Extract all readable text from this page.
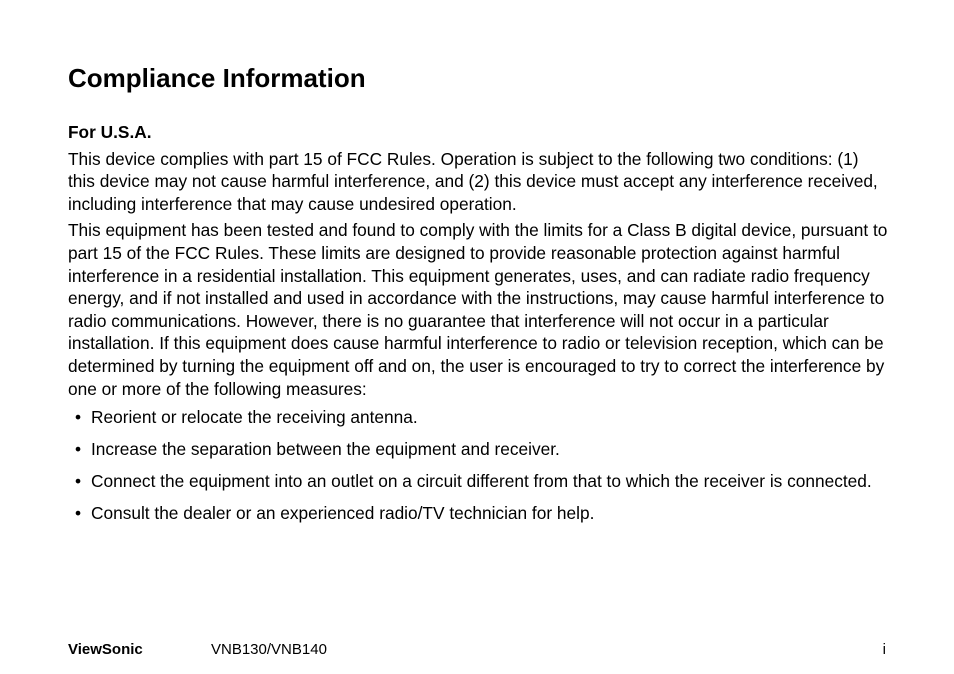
Compliance Information
For U.S.A.

This device complies with part 15 of FCC Rules. Operation is subject to the following two conditions: (1) this device may not cause harmful interference, and (2) this device must accept any interference received, including interference that may cause undesired operation.

This equipment has been tested and found to comply with the limits for a Class B digital device, pursuant to part 15 of the FCC Rules. These limits are designed to provide reasonable protection against harmful interference in a residential installation. This equipment generates, uses, and can radiate radio frequency energy, and if not installed and used in accordance with the instructions, may cause harmful interference to radio communications. However, there is no guarantee that interference will not occur in a particular installation. If this equipment does cause harmful interference to radio or television reception, which can be determined by turning the equipment off and on, the user is encouraged to try to correct the interference by one or more of the following measures:

• Reorient or relocate the receiving antenna.
• Increase the separation between the equipment and receiver.
• Connect the equipment into an outlet on a circuit different from that to which the receiver is connected.
• Consult the dealer or an experienced radio/TV technician for help.
ViewSonic	VNB130/VNB140	i
